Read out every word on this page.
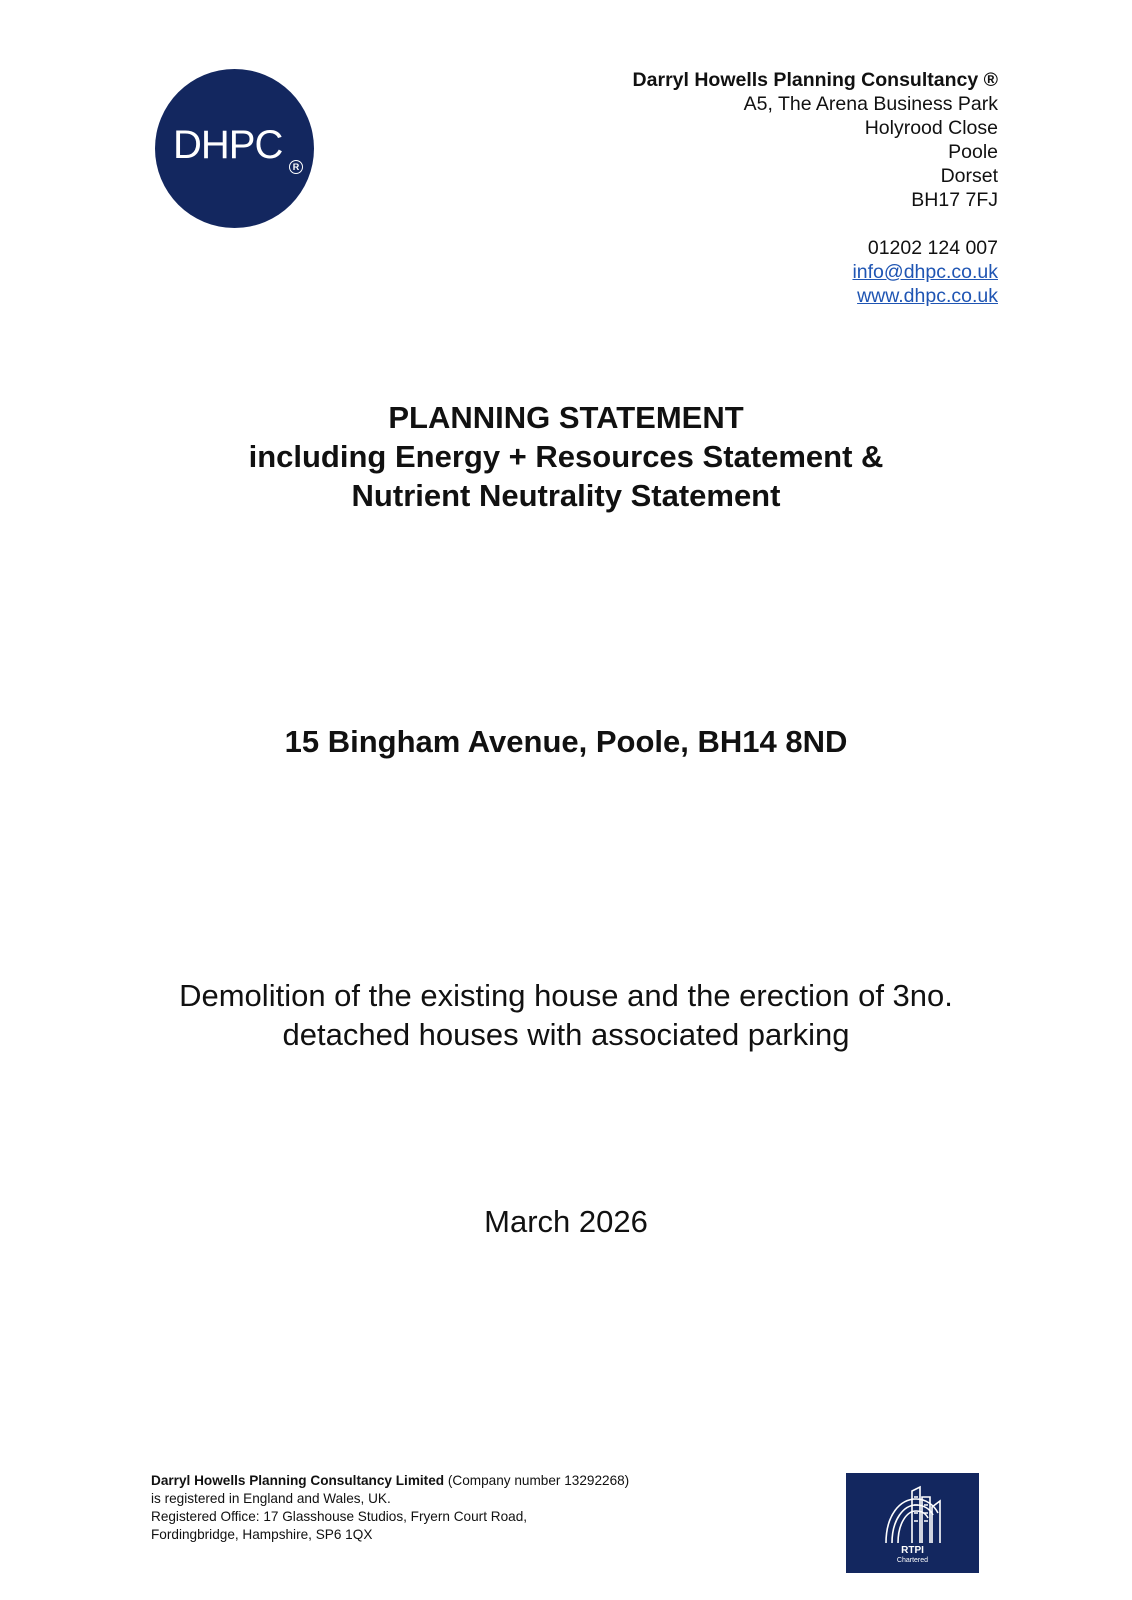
DHPC	R
Darryl Howells Planning Consultancy ®
A5, The Arena Business Park
Holyrood Close
Poole
Dorset
BH17 7FJ
01202 124 007
info@dhpc.co.uk
www.dhpc.co.uk
PLANNING STATEMENT
including Energy + Resources Statement &
Nutrient Neutrality Statement
15 Bingham Avenue, Poole, BH14 8ND
Demolition of the existing house and the erection of 3no.
detached houses with associated parking
March 2026
Darryl Howells Planning Consultancy Limited (Company number 13292268)
is registered in England and Wales, UK.
Registered Office: 17 Glasshouse Studios, Fryern Court Road,
Fordingbridge, Hampshire, SP6 1QX
RTPI
Chartered
